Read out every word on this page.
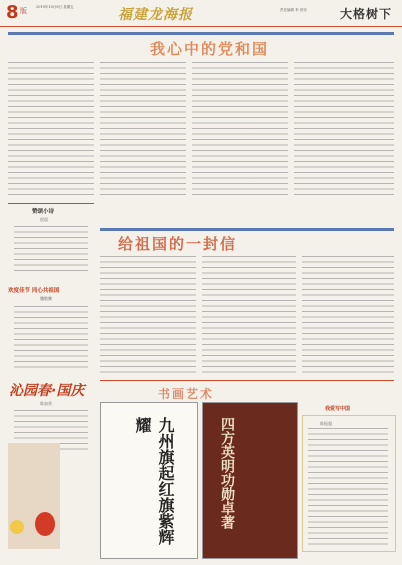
8 版	2019年10月8日 星期五	福建龙海报	责任编辑 李 世坚	大格树下
我心中的党和国
赞颂小诗
倪晨
欢度佳节 同心共祖国
魏敬鹏
沁园春·国庆
陈加荣
给祖国的一封信
书画艺术
九州旗起红旗紫辉耀	四方英明功勋卓著
我爱写中国
陈振超
